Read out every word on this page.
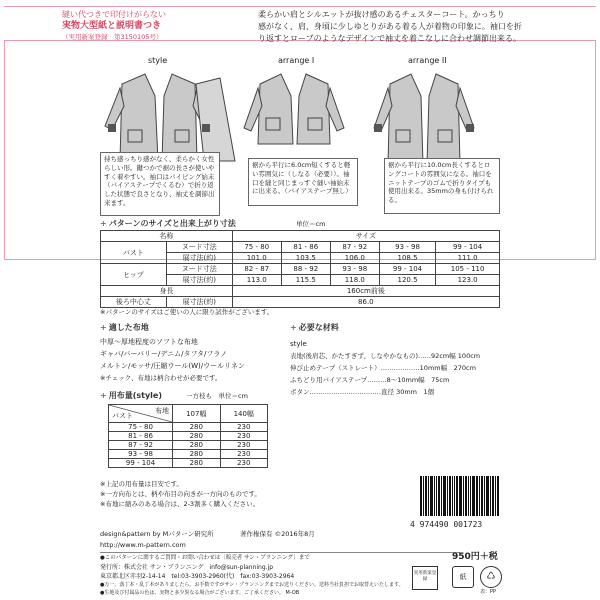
縫い代つきで印付けがらない
実物大型紙と説明書つき
（実用新案登録　第3150105号）
柔らかい肩とシルエットが抜け感のあるチェスターコート。かっちり
感がなく、肩、身頃に少しゆとりがある着る人が着物の印象に。袖口を折
り返すとローブのようなデザインで袖丈を着こなしに合わせ調節出来る。
style	arrange I	arrange II
持ち感っちり感がなく、柔らかく女性らしい形。鍵つかで裾の長さが使いやすく着やすい。袖口はパイピング始末（バイアステープでくるむ）で折り返した状態で良さとなり、袖丈を調節出来ます。
裾から平行に6.0cm短くすると軽い雰囲気に（しなる（必要））。袖口を縫と同じまっすぐ縫い袖始末に出来る。（バイアステープ無し）
裾から平行に10.0cm長くするとロングコートの雰囲気になる。袖口をニットテープのゴムで折りタイプも使用出来る。35mmの身も付けられる。
+ パターンのサイズと出来上がり寸法	単位＝cm
名称		サイズ				
バスト	ヌード寸法	75 - 80	81 - 86	87 - 92	93 - 98	99 - 104
	展寸法(約)	101.0	103.5	106.0	108.5	111.0
ヒップ	ヌード寸法	82 - 87	88 - 92	93 - 98	99 - 104	105 - 110
	展寸法(約)	113.0	115.5	118.0	120.5	123.0
身長		160cm前後				
後ろ中心丈	展寸法(約)	86.0				
※パターンのサイズはご使いの人に限り試作がございます。
+ 適した布地
中厚〜厚地程度のソフトな布地
ギャバ/バーバリー/デニム/タフタ/フラノ
メルトン/モッサ/圧縮ウール(W)/ウールリネン
※チェック、布地は柄合わせが必要です。
+ 用布量(style)	一方枝も　単位＝cm
布地
バスト	107幅	140幅
75 - 80	280	230
81 - 86	280	230
87 - 92	280	230
93 - 98	280	230
99 - 104	280	230
※上記の用布量は目安です。
※一方向布とは、柄や布目の向きが一方向のものです。
※布地に縮みのある場合は、2-3割多く購入ください。
+ 必要な材料
style
表地(後肩芯、かたすぎず、しなやかなもの)……92cm幅 100cm
伸び止めテープ（ストレート）………………10mm幅　270cm
ふちどり用バイアステープ………8〜10mm幅　75cm
ボタン……………………………直径 30mm　1個
4 974490 001723
design&pattern by Mパターン研究所	著作権保有 ©2016年8月
http://www.m-pattern.com
●このパターンに関するご質問・お問い合わせは〔販売者 サン・ブランニング〕まで
発行所：株式会社 サン・ブランニング　info@sun-planning.jp
東京都北区赤羽2-14-14　tel:03-3903-2960(代)　fax:03-3903-2964
●万一、落丁本・乱丁本がありましたら、お手数ですがサン・ブランニングまでお送りください。送料当社負担でお取替えいたします。
●生地及び付属品の色は、実物と多少異なる場合がございます。ご了承ください。 M-OB
950円＋税
実用新案登録	紙	♺
表：PP
